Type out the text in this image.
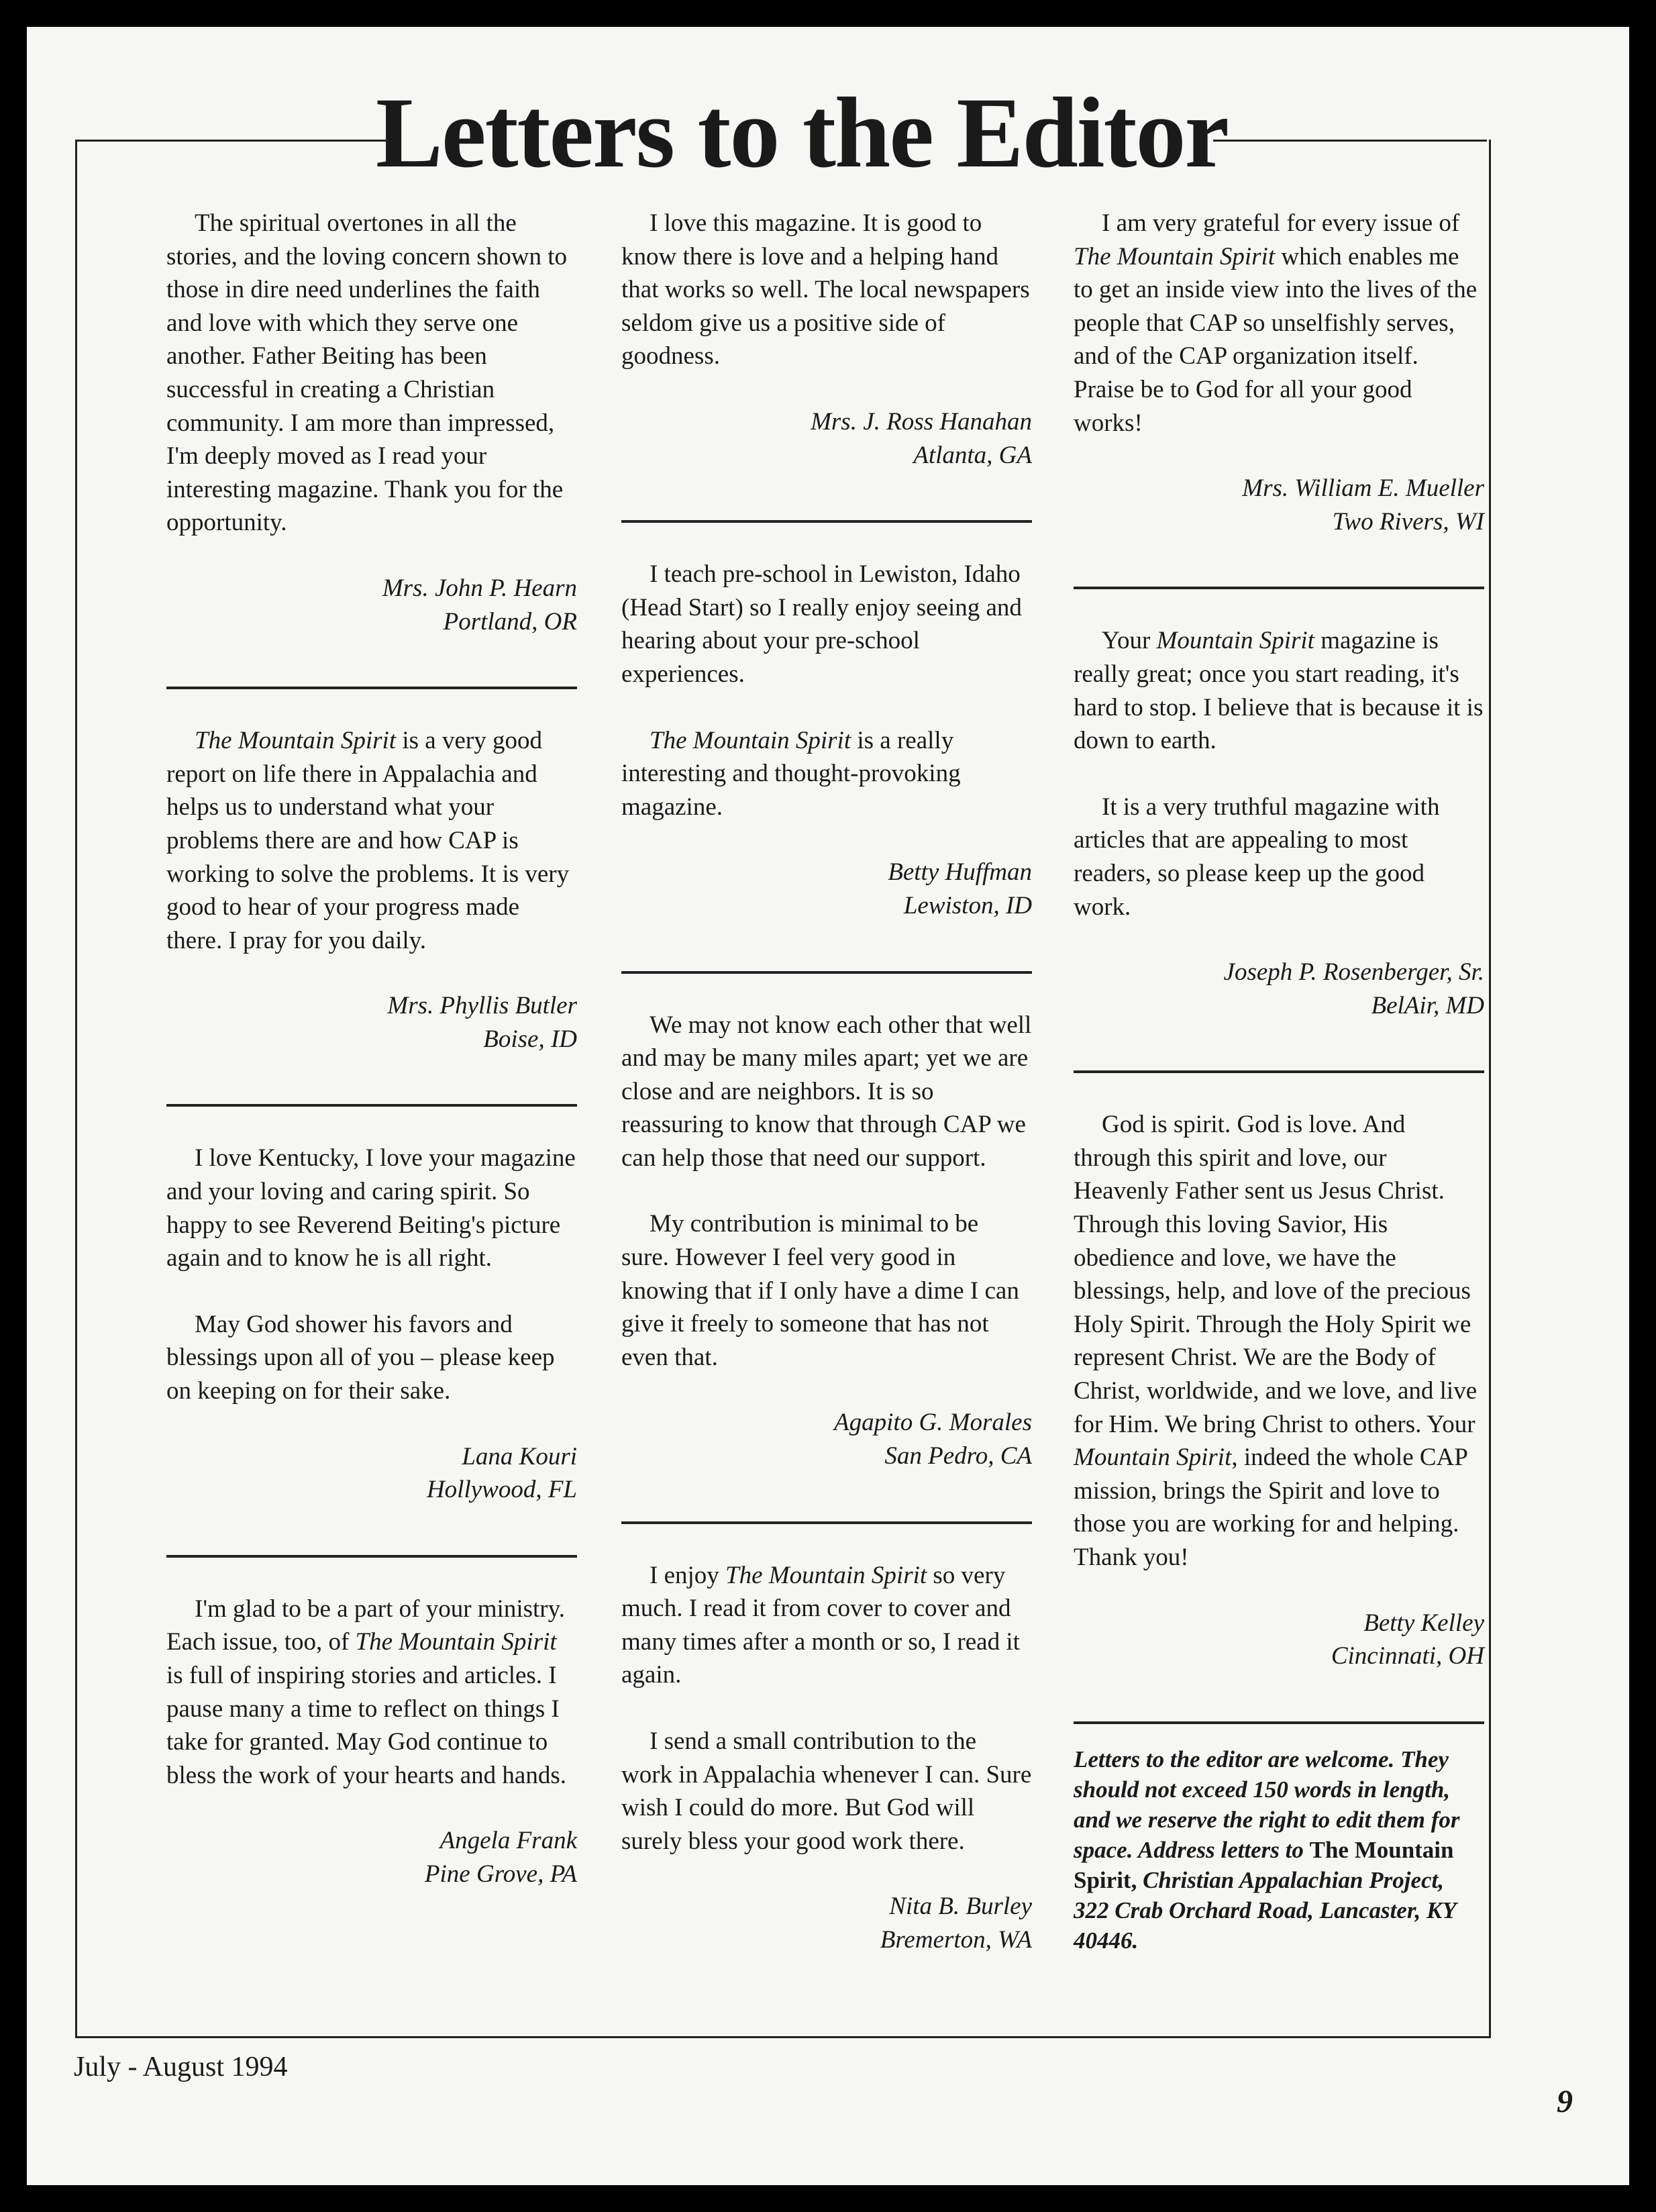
Letters to the Editor

The spiritual overtones in all the stories, and the loving concern shown to those in dire need underlines the faith and love with which they serve one another. Father Beiting has been successful in creating a Christian community. I am more than impressed, I'm deeply moved as I read your interesting magazine. Thank you for the opportunity.

Mrs. John P. Hearn
Portland, OR

The Mountain Spirit is a very good report on life there in Appalachia and helps us to understand what your problems there are and how CAP is working to solve the problems. It is very good to hear of your progress made there. I pray for you daily.

Mrs. Phyllis Butler
Boise, ID

I love Kentucky, I love your magazine and your loving and caring spirit. So happy to see Reverend Beiting's picture again and to know he is all right.

May God shower his favors and blessings upon all of you – please keep on keeping on for their sake.

Lana Kouri
Hollywood, FL

I'm glad to be a part of your ministry. Each issue, too, of The Mountain Spirit is full of inspiring stories and articles. I pause many a time to reflect on things I take for granted. May God continue to bless the work of your hearts and hands.

Angela Frank
Pine Grove, PA

I love this magazine. It is good to know there is love and a helping hand that works so well. The local newspapers seldom give us a positive side of goodness.

Mrs. J. Ross Hanahan
Atlanta, GA

I teach pre-school in Lewiston, Idaho (Head Start) so I really enjoy seeing and hearing about your pre-school experiences.

The Mountain Spirit is a really interesting and thought-provoking magazine.

Betty Huffman
Lewiston, ID

We may not know each other that well and may be many miles apart; yet we are close and are neighbors. It is so reassuring to know that through CAP we can help those that need our support.

My contribution is minimal to be sure. However I feel very good in knowing that if I only have a dime I can give it freely to someone that has not even that.

Agapito G. Morales
San Pedro, CA

I enjoy The Mountain Spirit so very much. I read it from cover to cover and many times after a month or so, I read it again.

I send a small contribution to the work in Appalachia whenever I can. Sure wish I could do more. But God will surely bless your good work there.

Nita B. Burley
Bremerton, WA

I am very grateful for every issue of The Mountain Spirit which enables me to get an inside view into the lives of the people that CAP so unselfishly serves, and of the CAP organization itself. Praise be to God for all your good works!

Mrs. William E. Mueller
Two Rivers, WI

Your Mountain Spirit magazine is really great; once you start reading, it's hard to stop. I believe that is because it is down to earth.

It is a very truthful magazine with articles that are appealing to most readers, so please keep up the good work.

Joseph P. Rosenberger, Sr.
BelAir, MD

God is spirit. God is love. And through this spirit and love, our Heavenly Father sent us Jesus Christ. Through this loving Savior, His obedience and love, we have the blessings, help, and love of the precious Holy Spirit. Through the Holy Spirit we represent Christ. We are the Body of Christ, worldwide, and we love, and live for Him. We bring Christ to others. Your Mountain Spirit, indeed the whole CAP mission, brings the Spirit and love to those you are working for and helping. Thank you!

Betty Kelley
Cincinnati, OH
Letters to the editor are welcome. They should not exceed 150 words in length, and we reserve the right to edit them for space. Address letters to The Mountain Spirit, Christian Appalachian Project, 322 Crab Orchard Road, Lancaster, KY 40446.
July - August 1994
9
